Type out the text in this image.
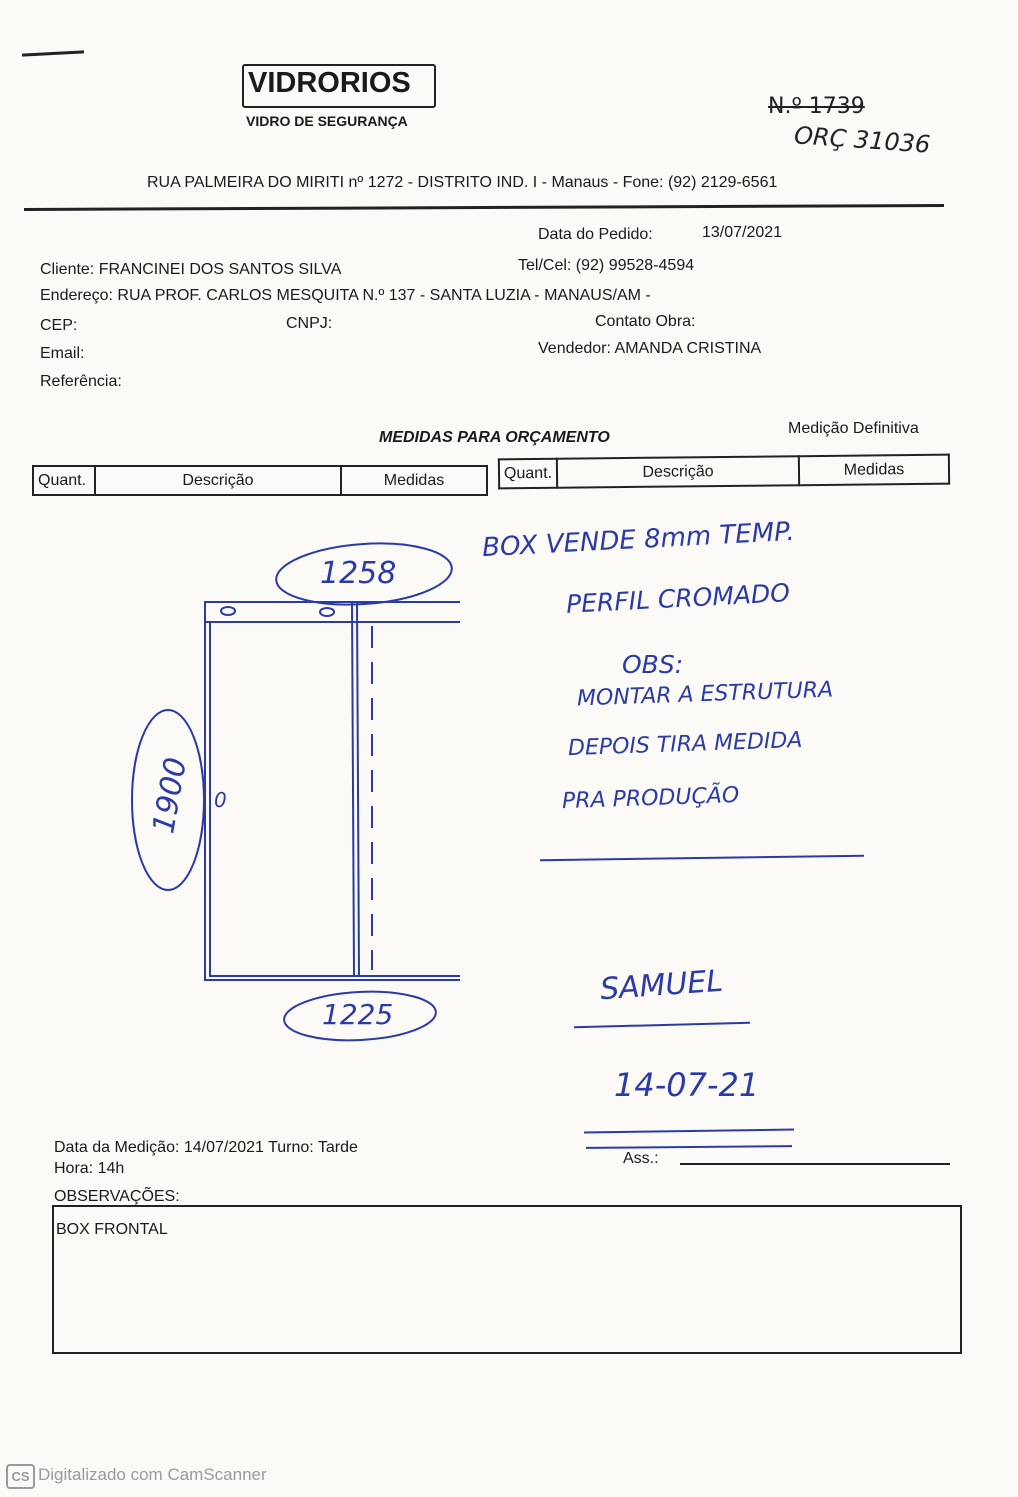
VIDRORIOS
VIDRO DE SEGURANÇA
N.º 1739
ORÇ 31036
RUA PALMEIRA DO MIRITI nº 1272 - DISTRITO IND. I - Manaus - Fone: (92) 2129-6561
Data do Pedido:	13/07/2021
Cliente: FRANCINEI DOS SANTOS SILVA	Tel/Cel: (92) 99528-4594
Endereço: RUA PROF. CARLOS MESQUITA N.º 137 - SANTA LUZIA - MANAUS/AM -
CEP:	CNPJ:	Contato Obra:
Email:	Vendedor: AMANDA CRISTINA
Referência:
MEDIDAS PARA ORÇAMENTO
Medição Definitiva
Quant.	Descrição	Medidas	Quant.	Descrição	Medidas
1258
1225
1900 0
BOX VENDE 8mm TEMP.
PERFIL CROMADO
OBS:
MONTAR A ESTRUTURA
DEPOIS TIRA MEDIDA
PRA PRODUÇÃO
SAMUEL
14-07-21
Data da Medição: 14/07/2021 Turno: Tarde
Hora: 14h
Ass.:
OBSERVAÇÕES:
BOX FRONTAL
CS Digitalizado com CamScanner
